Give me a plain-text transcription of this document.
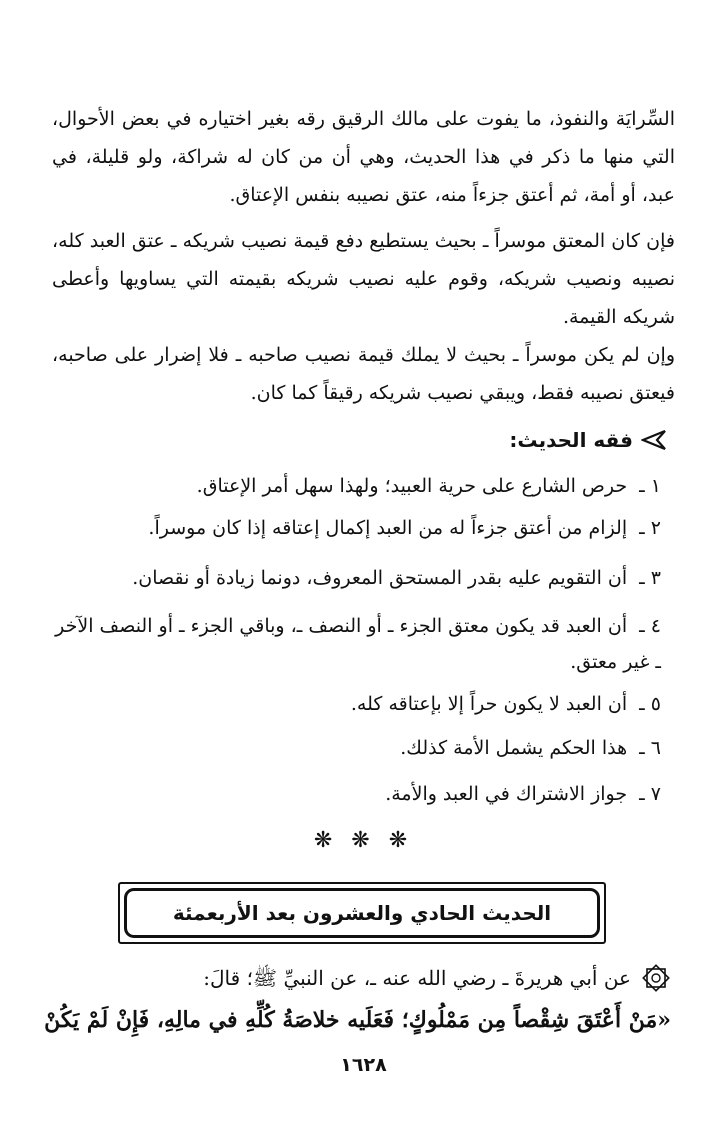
السِّرايَة والنفوذ، ما يفوت على مالك الرقيق رقه بغير اختياره في بعض الأحوال، التي منها ما ذكر في هذا الحديث، وهي أن من كان له شراكة، ولو قليلة، في عبد، أو أمة، ثم أعتق جزءاً منه، عتق نصيبه بنفس الإعتاق.

فإن كان المعتق موسراً ـ بحيث يستطيع دفع قيمة نصيب شريكه ـ عتق العبد كله، نصيبه ونصيب شريكه، وقوم عليه نصيب شريكه بقيمته التي يساويها وأعطى شريكه القيمة.

وإن لم يكن موسراً ـ بحيث لا يملك قيمة نصيب صاحبه ـ فلا إضرار على صاحبه، فيعتق نصيبه فقط، ويبقي نصيب شريكه رقيقاً كما كان.

فقه الحديث:
١ ـ حرص الشارع على حرية العبيد؛ ولهذا سهل أمر الإعتاق.
٢ ـ إلزام من أعتق جزءاً له من العبد إكمال إعتاقه إذا كان موسراً.
٣ ـ أن التقويم عليه بقدر المستحق المعروف، دونما زيادة أو نقصان.
٤ ـ أن العبد قد يكون معتق الجزء ـ أو النصف ـ، وباقي الجزء ـ أو النصف الآخر ـ غير معتق.
٥ ـ أن العبد لا يكون حراً إلا بإعتاقه كله.
٦ ـ هذا الحكم يشمل الأمة كذلك.
٧ ـ جواز الاشتراك في العبد والأمة.
❋ ❋ ❋
الحديث الحادي والعشرون بعد الأربعمئة
عن أبي هريرةَ ـ رضي الله عنه ـ، عن النبيِّ ﷺ؛ قالَ:
«مَنْ أَعْتَقَ شِقْصاً مِن مَمْلُوكٍ؛ فَعَلَيه خلاصَةُ كُلِّهِ في مالِهِ، فَإِنْ لَمْ يَكُنْ
١٦٢٨
